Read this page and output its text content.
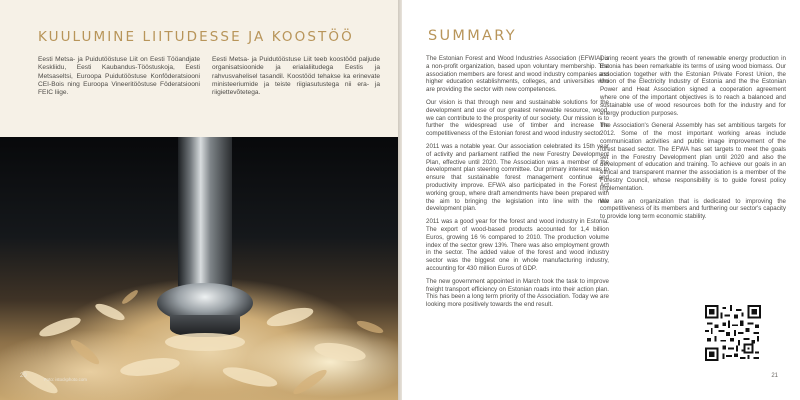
KUULUMINE LIITUDESSE JA KOOSTÖÖ
Eesti Metsa- ja Puidutööstuse Liit on Eesti Tööandjate Keskliidu, Eesti Kaubandus-Tööstuskoja, Eesti Metsaseltsi, Euroopa Puidutööstuse Konföderatsiooni CEI-Bois ning Euroopa Vineeritööstuse Föderatsiooni FEIC liige.
Eesti Metsa- ja Puidutööstuse Liit teeb koostööd paljude organisatsioonide ja erialaliitudega Eestis ja rahvusvahelisel tasandil. Koostööd tehakse ka erinevate ministeeriumide ja teiste riigiasutustega nii era- ja riigiettevõtetega.
20
Foto: istockphoto.com
SUMMARY

The Estonian Forest and Wood Industries Association (EFWIA) is a non-profit organization, based upon voluntary membership. The association members are forest and wood industry companies and higher education establishments, colleges, and universities who are providing the sector with new competences.

Our vision is that through new and sustainable solutions for the development and use of our greatest renewable resource, wood, we can contribute to the prosperity of our society. Our mission is to further the widespread use of timber and increase the competitiveness of the Estonian forest and wood industry sector.

2011 was a notable year. Our association celebrated its 15th year of activity and parliament ratified the new Forestry Development Plan, effective until 2020. The Association was a member of the development plan steering committee. Our primary interest was to ensure that sustainable forest management continue and productivity improve. EFWA also participated in the Forest Act working group, where draft amendments have been prepared with the aim to bringing the legislation into line with the new development plan.

2011 was a good year for the forest and wood industry in Estonia. The export of wood-based products accounted for 1,4 billion Euros, growing 16 % compared to 2010. The production volume index of the sector grew 13%. There was also employment growth in the sector. The added value of the forest and wood industry sector was the biggest one in whole manufacturing industry, accounting for 430 million Euros of GDP.

The new government appointed in March took the task to improve freight transport efficiency on Estonian roads into their action plan. This has been a long term priority of the Association. Today we are looking more positively towards the end result.

During recent years the growth of renewable energy production in Estonia has been remarkable its terms of using wood biomass. Our association together with the Estonian Private Forest Union, the Union of the Electricity Industry of Estonia and the the Estonian Power and Heat Association signed a cooperation agreement where one of the important objectives is to reach a balanced and sustainable use of wood resources both for the industry and for energy production purposes.

The Association's General Assembly has set ambitious targets for 2012. Some of the most important working areas include communication activities and public image improvement of the forest based sector. The EFWA has set targets to meet the goals set in the Forestry Development plan until 2020 and also the development of education and training. To achieve our goals in an ethical and transparent manner the association is a member of the Forestry Council, whose responsibility is to guide forest policy implementation.

We are an organization that is dedicated to improving the competitiveness of its members and furthering our sector's capacity to provide long term economic stability.

21
